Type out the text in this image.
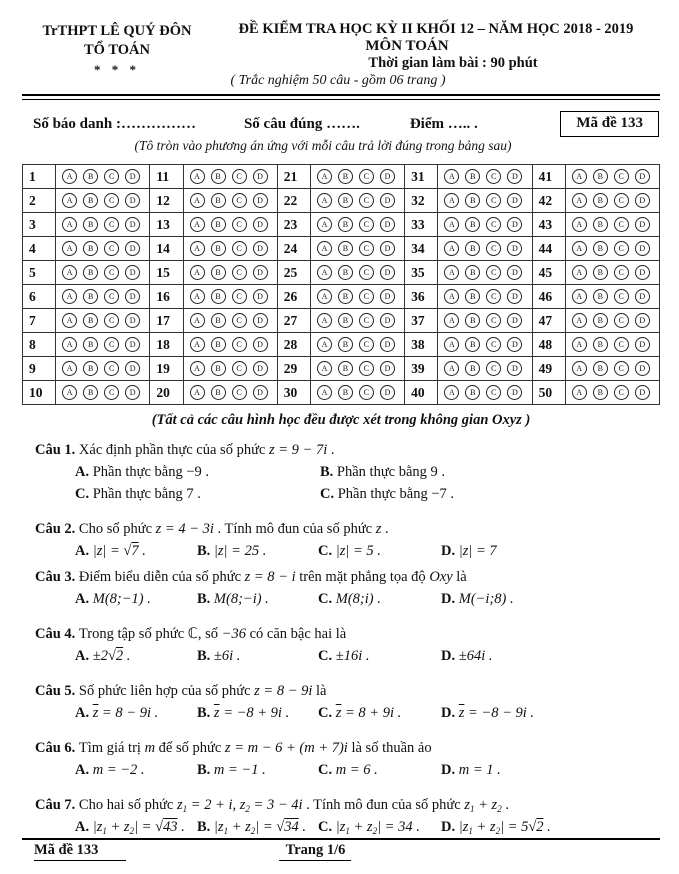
TrTHPT LÊ QUÝ ĐÔN
TỔ TOÁN
* * *
ĐỀ KIỂM TRA HỌC KỲ II KHỐI 12 – NĂM HỌC 2018 - 2019
MÔN TOÁN
Thời gian làm bài : 90 phút
( Trắc nghiệm 50 câu - gồm 06 trang )
Số báo danh :……………	Số câu đúng …….	Điểm ….. .	Mã đề 133
(Tô tròn vào phương án ứng với mỗi câu trả lời đúng trong bảng sau)
1	A B C D	11	A B C D	21	A B C D	31	A B C D	41	A B C D
2	A B C D	12	A B C D	22	A B C D	32	A B C D	42	A B C D
3	A B C D	13	A B C D	23	A B C D	33	A B C D	43	A B C D
4	A B C D	14	A B C D	24	A B C D	34	A B C D	44	A B C D
5	A B C D	15	A B C D	25	A B C D	35	A B C D	45	A B C D
6	A B C D	16	A B C D	26	A B C D	36	A B C D	46	A B C D
7	A B C D	17	A B C D	27	A B C D	37	A B C D	47	A B C D
8	A B C D	18	A B C D	28	A B C D	38	A B C D	48	A B C D
9	A B C D	19	A B C D	29	A B C D	39	A B C D	49	A B C D
10	A B C D	20	A B C D	30	A B C D	40	A B C D	50	A B C D
(Tất cả các câu hình học đều được xét trong không gian Oxyz )
Câu 1. Xác định phần thực của số phức z = 9 − 7i .
A. Phần thực bằng −9 .	B. Phần thực bằng 9 .
C. Phần thực bằng 7 .	C. Phần thực bằng −7 .
Câu 2. Cho số phức z = 4 − 3i . Tính mô đun của số phức z .
A. |z| = √7 .	B. |z| = 25 .	C. |z| = 5 .	D. |z| = 7
Câu 3. Điểm biểu diễn của số phức z = 8 − i trên mặt phẳng tọa độ Oxy là
A. M(8;−1) .	B. M(8;−i) .	C. M(8;i) .	D. M(−i;8) .
Câu 4. Trong tập số phức ℂ, số −36 có căn bậc hai là
A. ±2√2 .	B. ±6i .	C. ±16i .	D. ±64i .
Câu 5. Số phức liên hợp của số phức z = 8 − 9i là
A. $\overline{z} = 8 - 9i$ .	B. $\overline{z} = -8 + 9i$ .	C. $\overline{z} = 8 + 9i$ .	D. $\overline{z} = -8 - 9i$ .
Câu 6. Tìm giá trị m để số phức z = m − 6 + (m + 7)i là số thuần ảo
A. m = −2 .	B. m = −1 .	C. m = 6 .	D. m = 1 .
Câu 7. Cho hai số phức $z_1 = 2 + i$, $z_2 = 3 - 4i$ . Tính mô đun của số phức $z_1 + z_2$ .
A. $|z_1 + z_2| = √43$ . B. $|z_1 + z_2| = √34$ . C. $|z_1 + z_2| = 34$ .	D. $|z_1 + z_2| = 5√2$ .
Mã đề 133	Trang 1/6
